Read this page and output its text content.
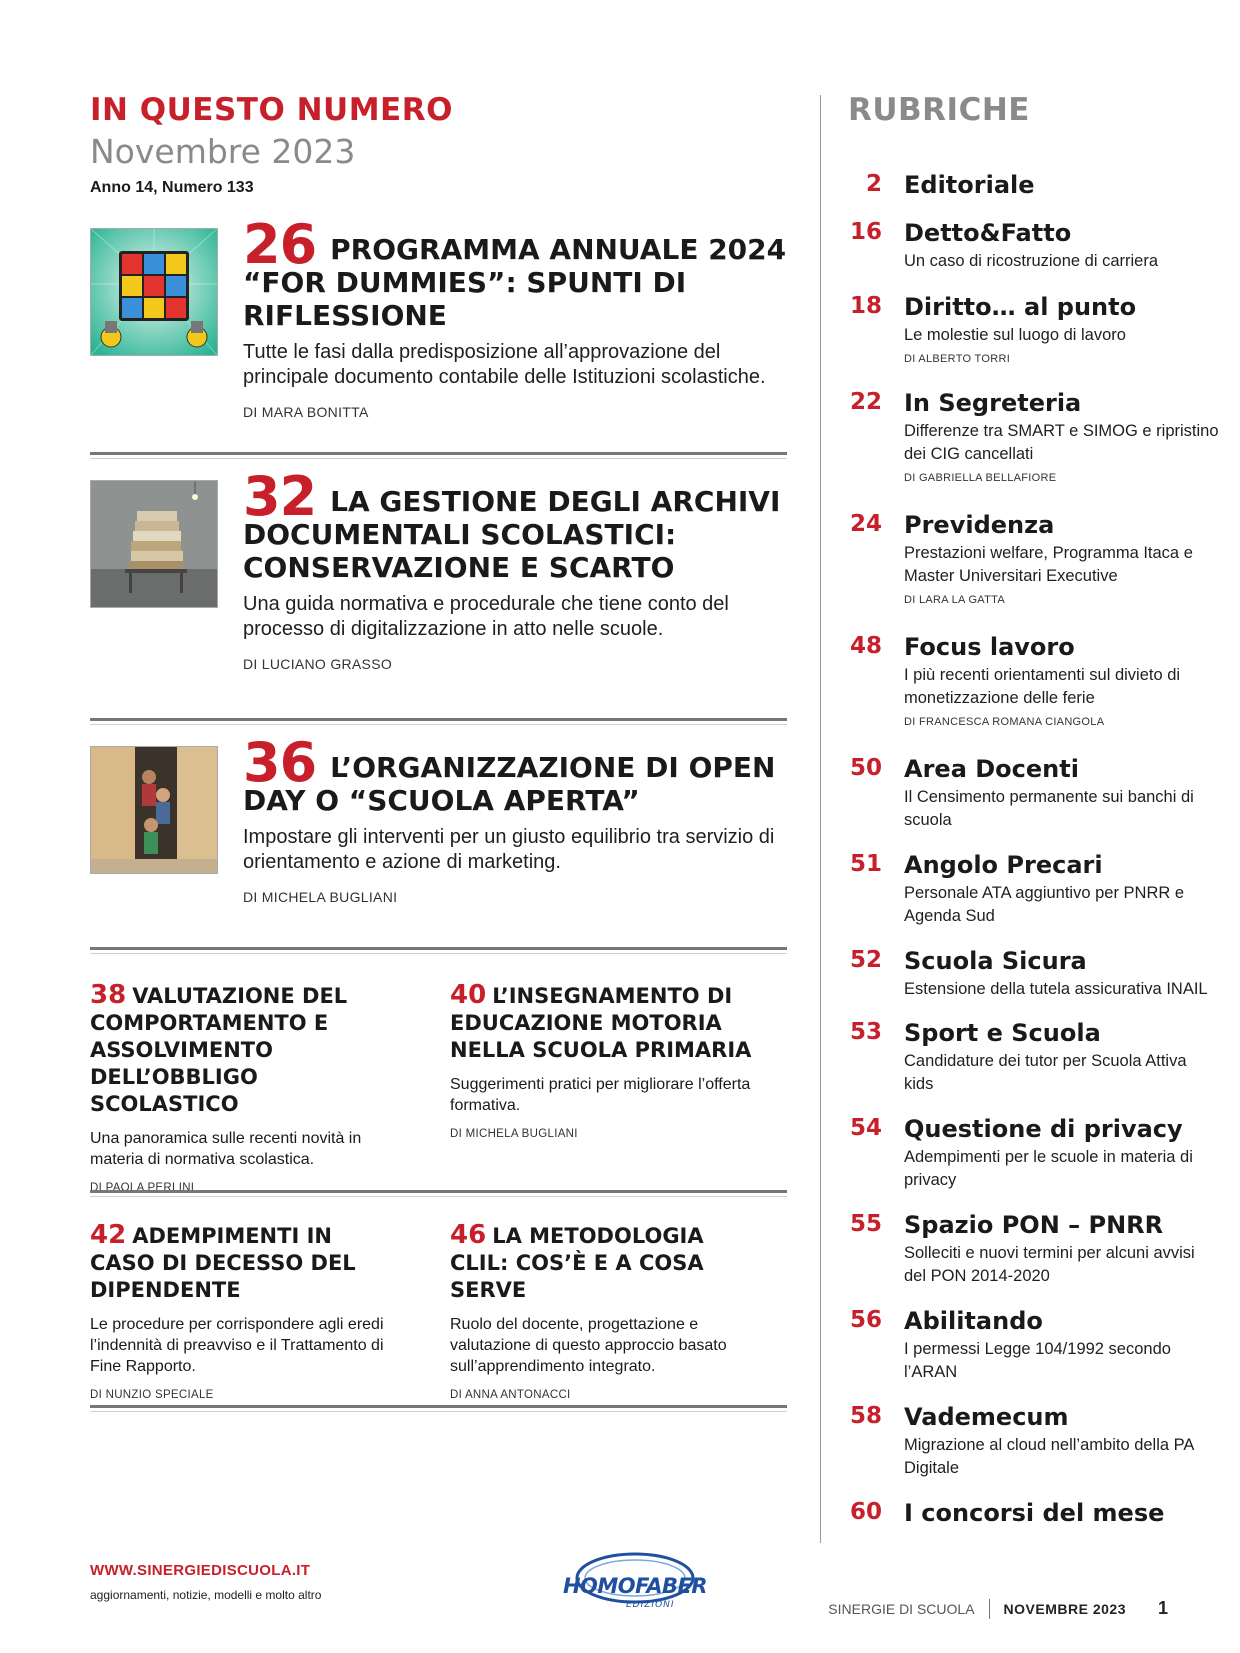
IN QUESTO NUMERO
Novembre 2023
Anno 14, Numero 133
26 PROGRAMMA ANNUALE 2024 “FOR DUMMIES”: SPUNTI DI RIFLESSIONE
Tutte le fasi dalla predisposizione all’approvazione del principale documento contabile delle Istituzioni scolastiche.
DI MARA BONITTA
32 LA GESTIONE DEGLI ARCHIVI DOCUMENTALI SCOLASTICI: CONSERVAZIONE E SCARTO
Una guida normativa e procedurale che tiene conto del processo di digitalizzazione in atto nelle scuole.
DI LUCIANO GRASSO
36 L’ORGANIZZAZIONE DI OPEN DAY O “SCUOLA APERTA”
Impostare gli interventi per un giusto equilibrio tra servizio di orientamento e azione di marketing.
DI MICHELA BUGLIANI
38 VALUTAZIONE DEL COMPORTAMENTO E ASSOLVIMENTO DELL’OBBLIGO SCOLASTICO
Una panoramica sulle recenti novità in materia di normativa scolastica.
DI PAOLA PERLINI
40 L’INSEGNAMENTO DI EDUCAZIONE MOTORIA NELLA SCUOLA PRIMARIA
Suggerimenti pratici per migliorare l’offerta formativa.
DI MICHELA BUGLIANI
42 ADEMPIMENTI IN CASO DI DECESSO DEL DIPENDENTE
Le procedure per corrispondere agli eredi l’indennità di preavviso e il Trattamento di Fine Rapporto.
DI NUNZIO SPECIALE
46 LA METODOLOGIA CLIL: COS’È E A COSA SERVE
Ruolo del docente, progettazione e valutazione di questo approccio basato sull’apprendimento integrato.
DI ANNA ANTONACCI
RUBRICHE
2 Editoriale
16 Detto&Fatto
Un caso di ricostruzione di carriera
18 Diritto… al punto
Le molestie sul luogo di lavoro
DI ALBERTO TORRI
22 In Segreteria
Differenze tra SMART e SIMOG e ripristino dei CIG cancellati
DI GABRIELLA BELLAFIORE
24 Previdenza
Prestazioni welfare, Programma Itaca e Master Universitari Executive
DI LARA LA GATTA
48 Focus lavoro
I più recenti orientamenti sul divieto di monetizzazione delle ferie
DI FRANCESCA ROMANA CIANGOLA
50 Area Docenti
Il Censimento permanente sui banchi di scuola
51 Angolo Precari
Personale ATA aggiuntivo per PNRR e Agenda Sud
52 Scuola Sicura
Estensione della tutela assicurativa INAIL
53 Sport e Scuola
Candidature dei tutor per Scuola Attiva kids
54 Questione di privacy
Adempimenti per le scuole in materia di privacy
55 Spazio PON – PNRR
Solleciti e nuovi termini per alcuni avvisi del PON 2014-2020
56 Abilitando
I permessi Legge 104/1992 secondo l’ARAN
58 Vademecum
Migrazione al cloud nell’ambito della PA Digitale
60 I concorsi del mese
WWW.SINERGIEDISCUOLA.IT
aggiornamenti, notizie, modelli e molto altro	HOMOFABER
EDIZIONI	SINERGIE DI SCUOLA NOVEMBRE 2023 1
